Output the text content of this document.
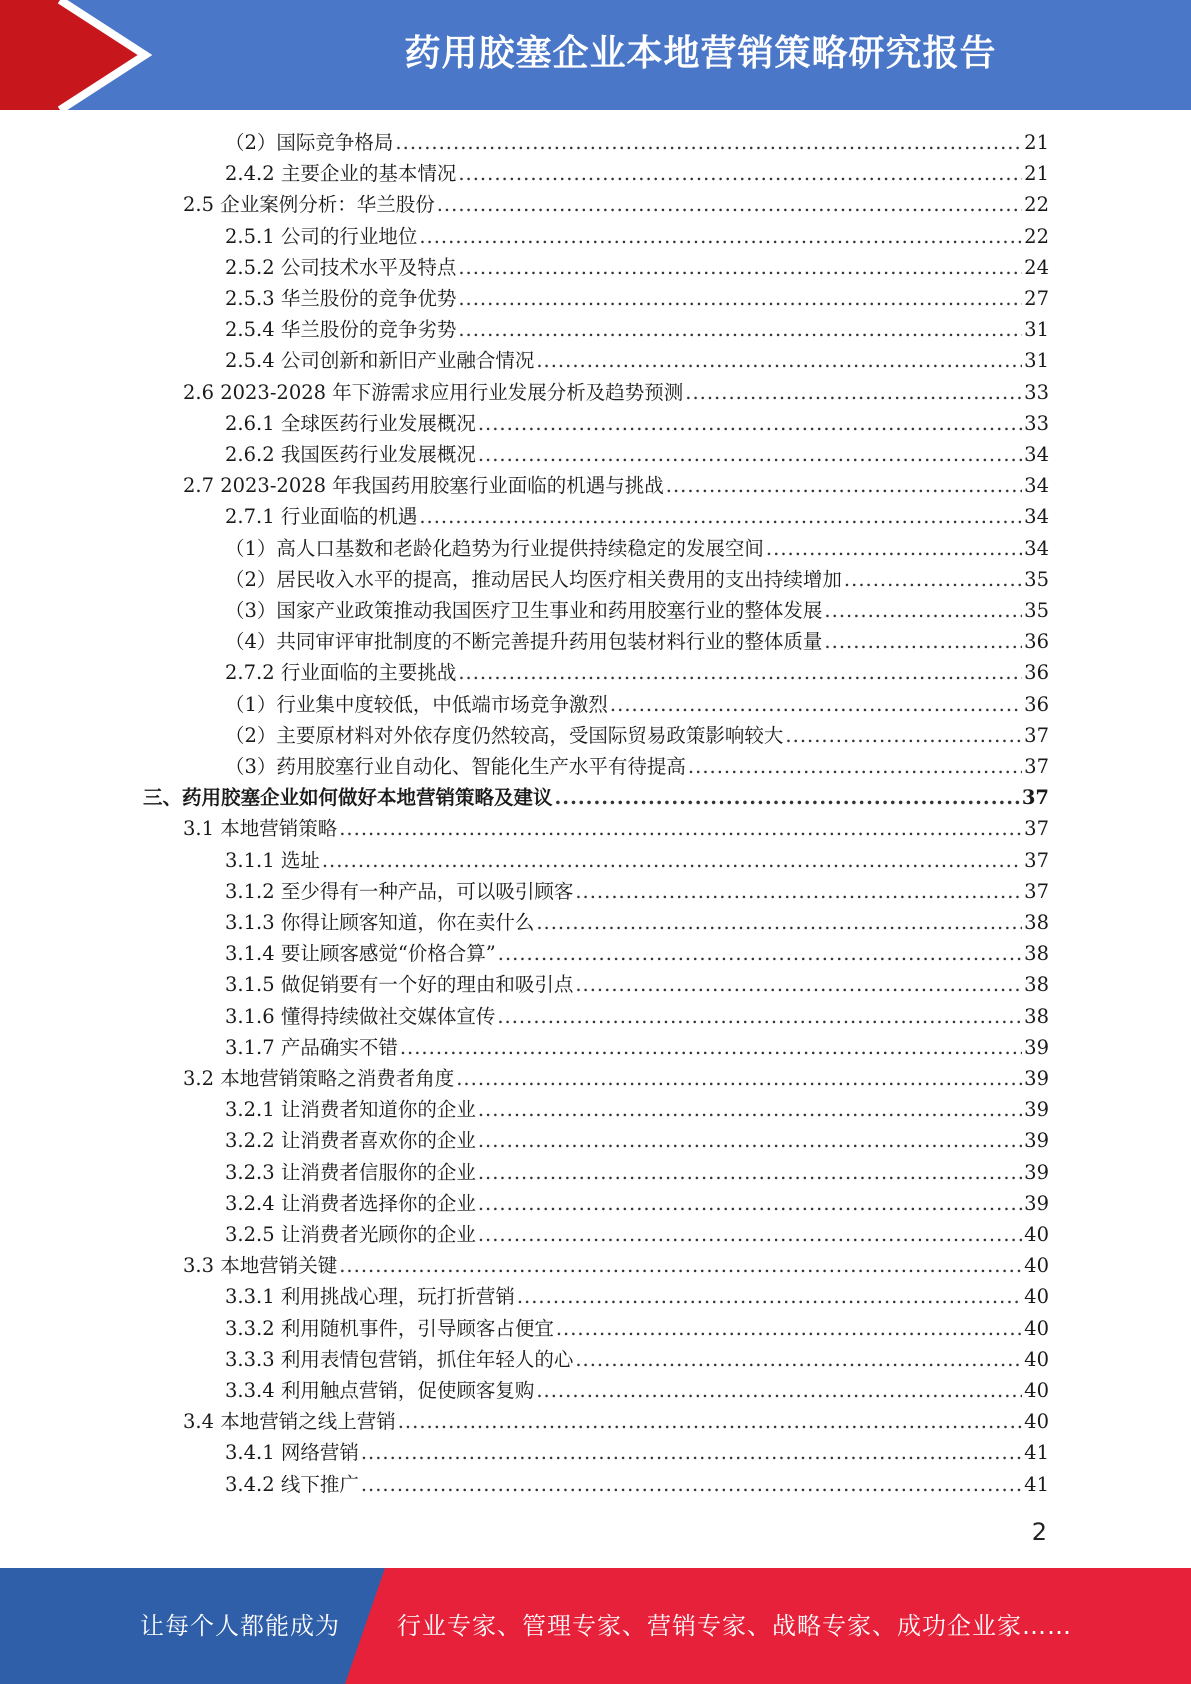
药用胶塞企业本地营销策略研究报告
（2）国际竞争格局 .....	21
2.4.2 主要企业的基本情况 .....	21
2.5 企业案例分析：华兰股份 .....	22
2.5.1 公司的行业地位 .....	22
2.5.2 公司技术水平及特点 .....	24
2.5.3 华兰股份的竞争优势 .....	27
2.5.4 华兰股份的竞争劣势 .....	31
2.5.4 公司创新和新旧产业融合情况 .....	31
2.6 2023-2028 年下游需求应用行业发展分析及趋势预测 .....	33
2.6.1 全球医药行业发展概况 .....	33
2.6.2 我国医药行业发展概况 .....	34
2.7 2023-2028 年我国药用胶塞行业面临的机遇与挑战 .....	34
2.7.1 行业面临的机遇 .....	34
（1）高人口基数和老龄化趋势为行业提供持续稳定的发展空间 .....	34
（2）居民收入水平的提高，推动居民人均医疗相关费用的支出持续增加 .....	35
（3）国家产业政策推动我国医疗卫生事业和药用胶塞行业的整体发展 .....	35
（4）共同审评审批制度的不断完善提升药用包装材料行业的整体质量 .....	36
2.7.2 行业面临的主要挑战 .....	36
（1）行业集中度较低，中低端市场竞争激烈 .....	36
（2）主要原材料对外依存度仍然较高，受国际贸易政策影响较大 .....	37
（3）药用胶塞行业自动化、智能化生产水平有待提高 .....	37
三、药用胶塞企业如何做好本地营销策略及建议 .....	37
3.1 本地营销策略 .....	37
3.1.1 选址 .....	37
3.1.2 至少得有一种产品，可以吸引顾客 .....	37
3.1.3 你得让顾客知道，你在卖什么 .....	38
3.1.4 要让顾客感觉“价格合算” .....	38
3.1.5 做促销要有一个好的理由和吸引点 .....	38
3.1.6 懂得持续做社交媒体宣传 .....	38
3.1.7 产品确实不错 .....	39
3.2 本地营销策略之消费者角度 .....	39
3.2.1 让消费者知道你的企业 .....	39
3.2.2 让消费者喜欢你的企业 .....	39
3.2.3 让消费者信服你的企业 .....	39
3.2.4 让消费者选择你的企业 .....	39
3.2.5 让消费者光顾你的企业 .....	40
3.3 本地营销关键 .....	40
3.3.1 利用挑战心理，玩打折营销 .....	40
3.3.2 利用随机事件，引导顾客占便宜 .....	40
3.3.3 利用表情包营销，抓住年轻人的心 .....	40
3.3.4 利用触点营销，促使顾客复购 .....	40
3.4 本地营销之线上营销 .....	40
3.4.1 网络营销 .....	41
3.4.2 线下推广 .....	41
2
让每个人都能成为 行业专家、管理专家、营销专家、战略专家、成功企业家……
